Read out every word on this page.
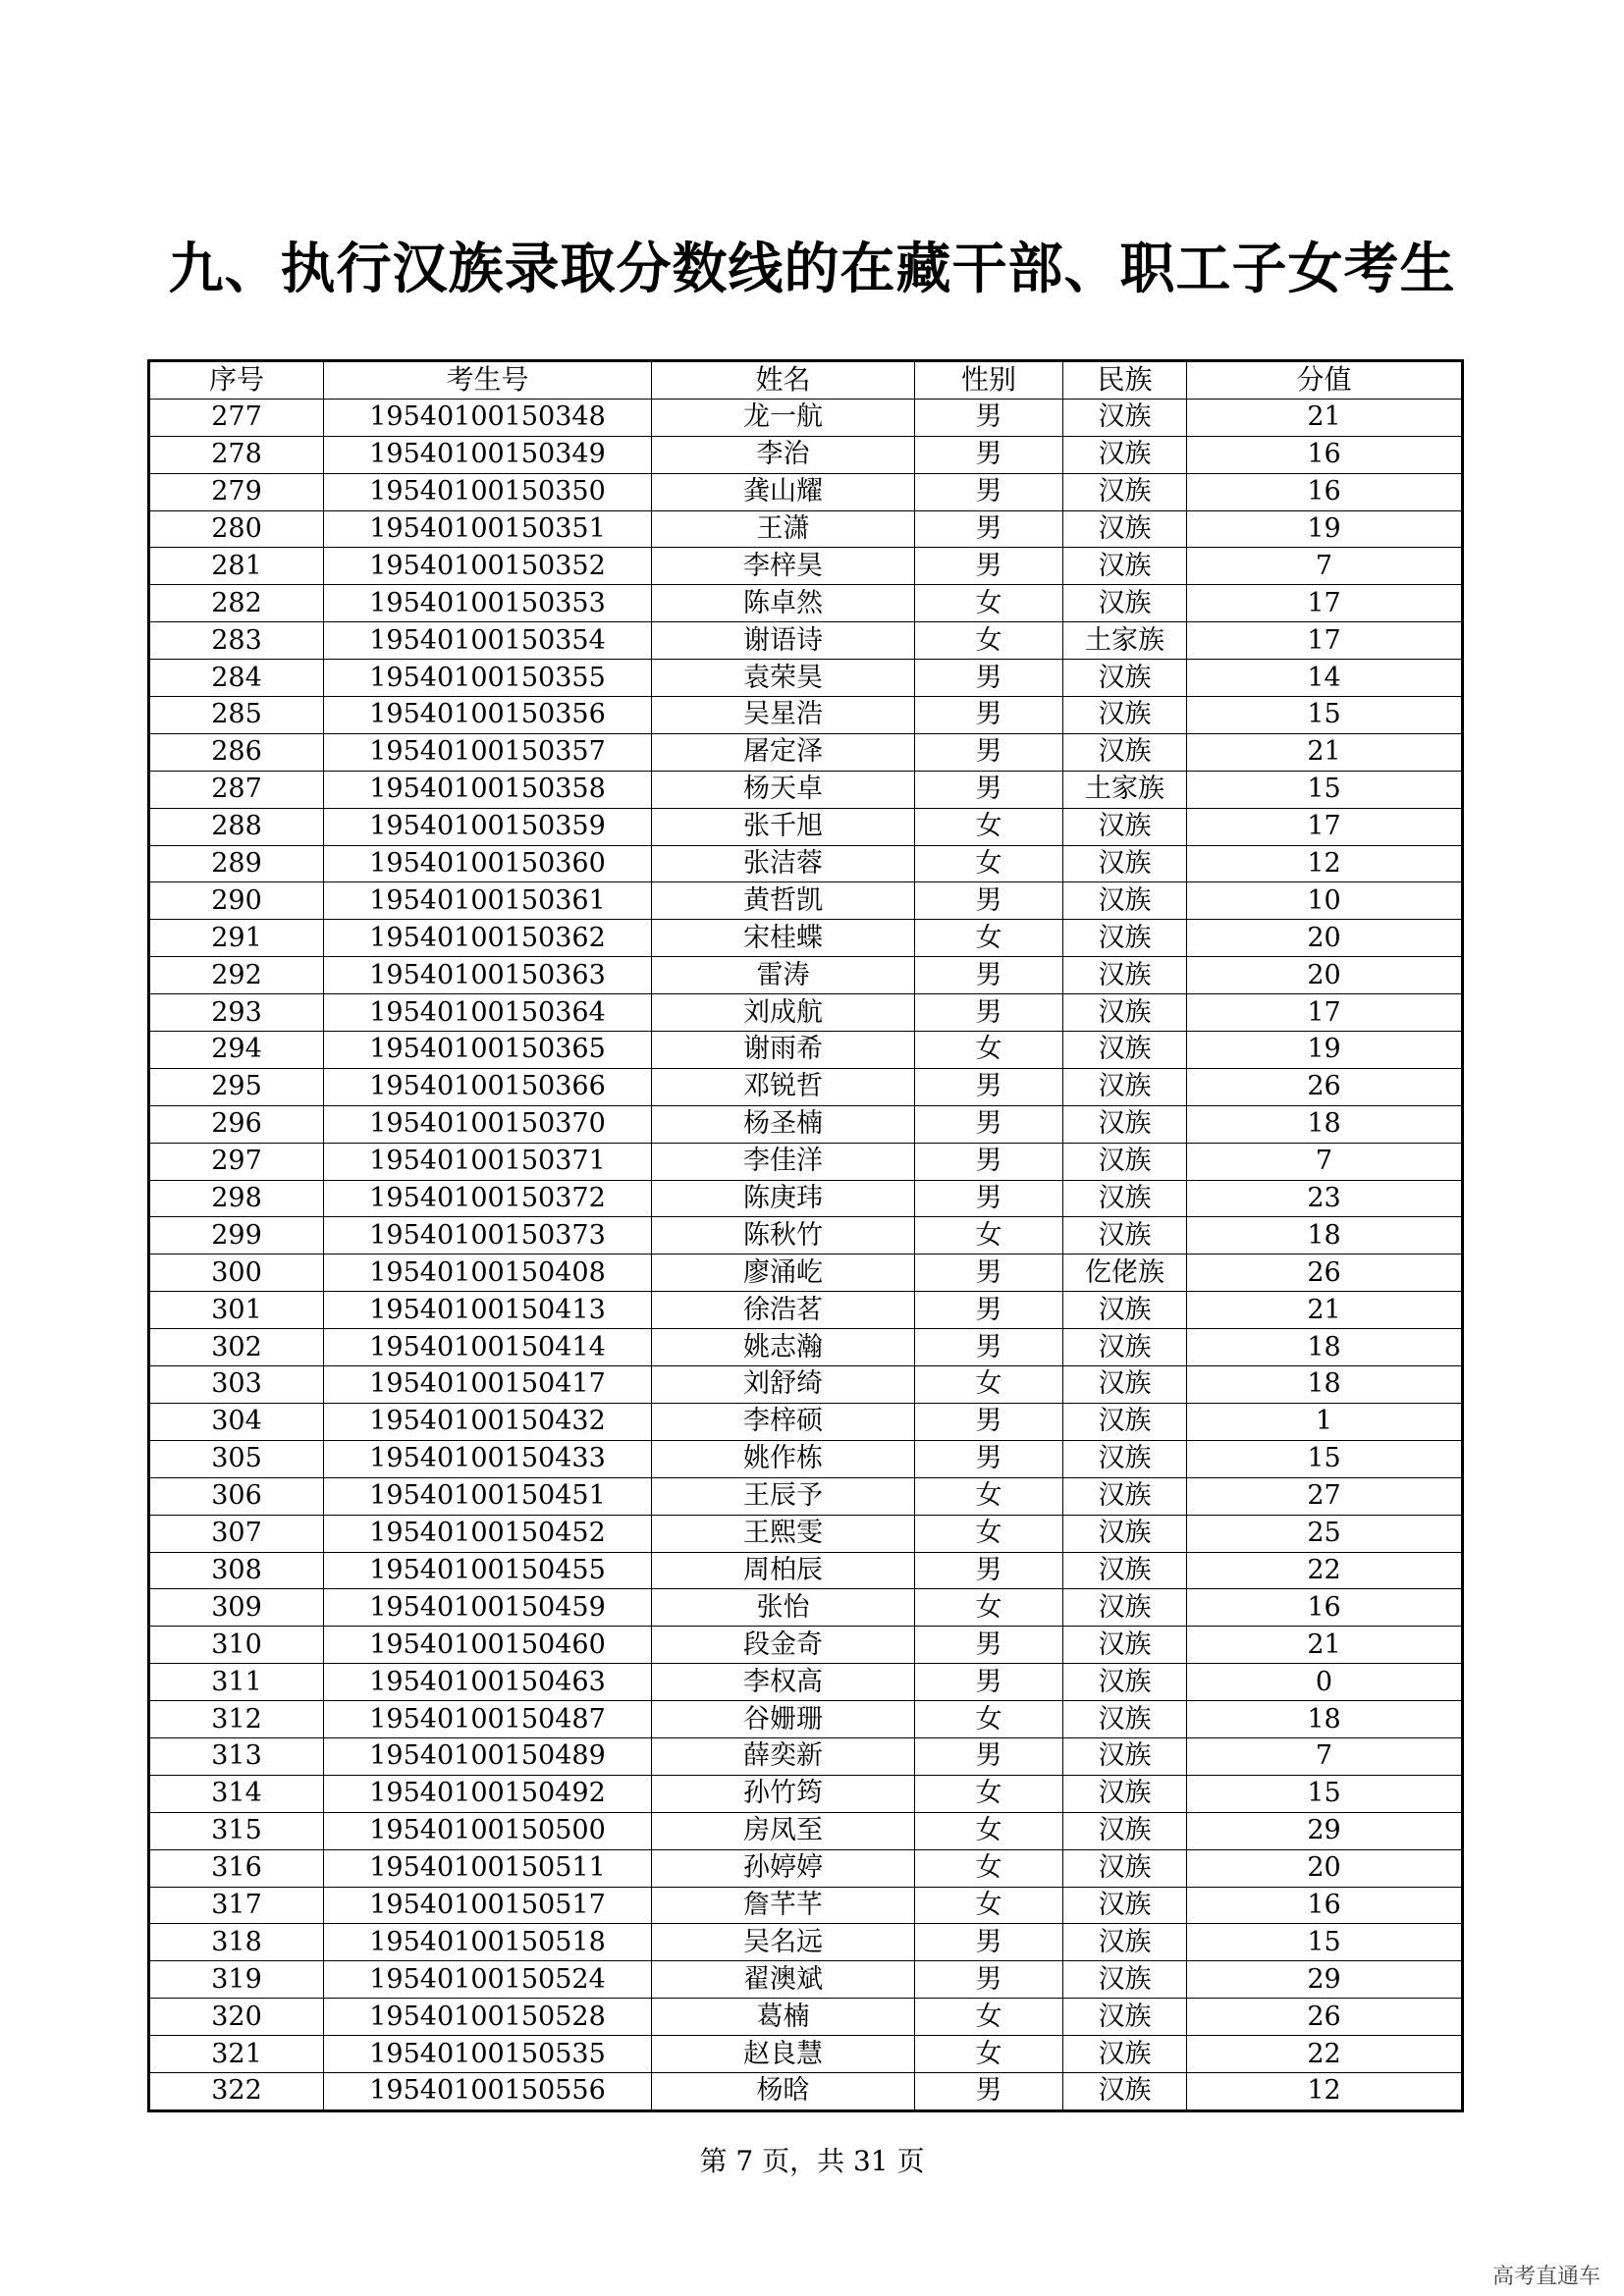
九、执行汉族录取分数线的在藏干部、职工子女考生
序号	考生号	姓名	性别	民族	分值
277	19540100150348	龙一航	男	汉族	21
278	19540100150349	李治	男	汉族	16
279	19540100150350	龚山耀	男	汉族	16
280	19540100150351	王潇	男	汉族	19
281	19540100150352	李梓昊	男	汉族	7
282	19540100150353	陈卓然	女	汉族	17
283	19540100150354	谢语诗	女	土家族	17
284	19540100150355	袁荣昊	男	汉族	14
285	19540100150356	吴星浩	男	汉族	15
286	19540100150357	屠定泽	男	汉族	21
287	19540100150358	杨天卓	男	土家族	15
288	19540100150359	张千旭	女	汉族	17
289	19540100150360	张洁蓉	女	汉族	12
290	19540100150361	黄哲凯	男	汉族	10
291	19540100150362	宋桂蝶	女	汉族	20
292	19540100150363	雷涛	男	汉族	20
293	19540100150364	刘成航	男	汉族	17
294	19540100150365	谢雨希	女	汉族	19
295	19540100150366	邓锐哲	男	汉族	26
296	19540100150370	杨圣楠	男	汉族	18
297	19540100150371	李佳洋	男	汉族	7
298	19540100150372	陈庚玮	男	汉族	23
299	19540100150373	陈秋竹	女	汉族	18
300	19540100150408	廖涌屹	男	仡佬族	26
301	19540100150413	徐浩茗	男	汉族	21
302	19540100150414	姚志瀚	男	汉族	18
303	19540100150417	刘舒绮	女	汉族	18
304	19540100150432	李梓硕	男	汉族	1
305	19540100150433	姚作栋	男	汉族	15
306	19540100150451	王辰予	女	汉族	27
307	19540100150452	王熙雯	女	汉族	25
308	19540100150455	周柏辰	男	汉族	22
309	19540100150459	张怡	女	汉族	16
310	19540100150460	段金奇	男	汉族	21
311	19540100150463	李权高	男	汉族	0
312	19540100150487	谷姗珊	女	汉族	18
313	19540100150489	薛奕新	男	汉族	7
314	19540100150492	孙竹筠	女	汉族	15
315	19540100150500	房凤至	女	汉族	29
316	19540100150511	孙婷婷	女	汉族	20
317	19540100150517	詹芊芊	女	汉族	16
318	19540100150518	吴名远	男	汉族	15
319	19540100150524	翟澳斌	男	汉族	29
320	19540100150528	葛楠	女	汉族	26
321	19540100150535	赵良慧	女	汉族	22
322	19540100150556	杨晗	男	汉族	12
第 7 页，共 31 页
高考直通车
